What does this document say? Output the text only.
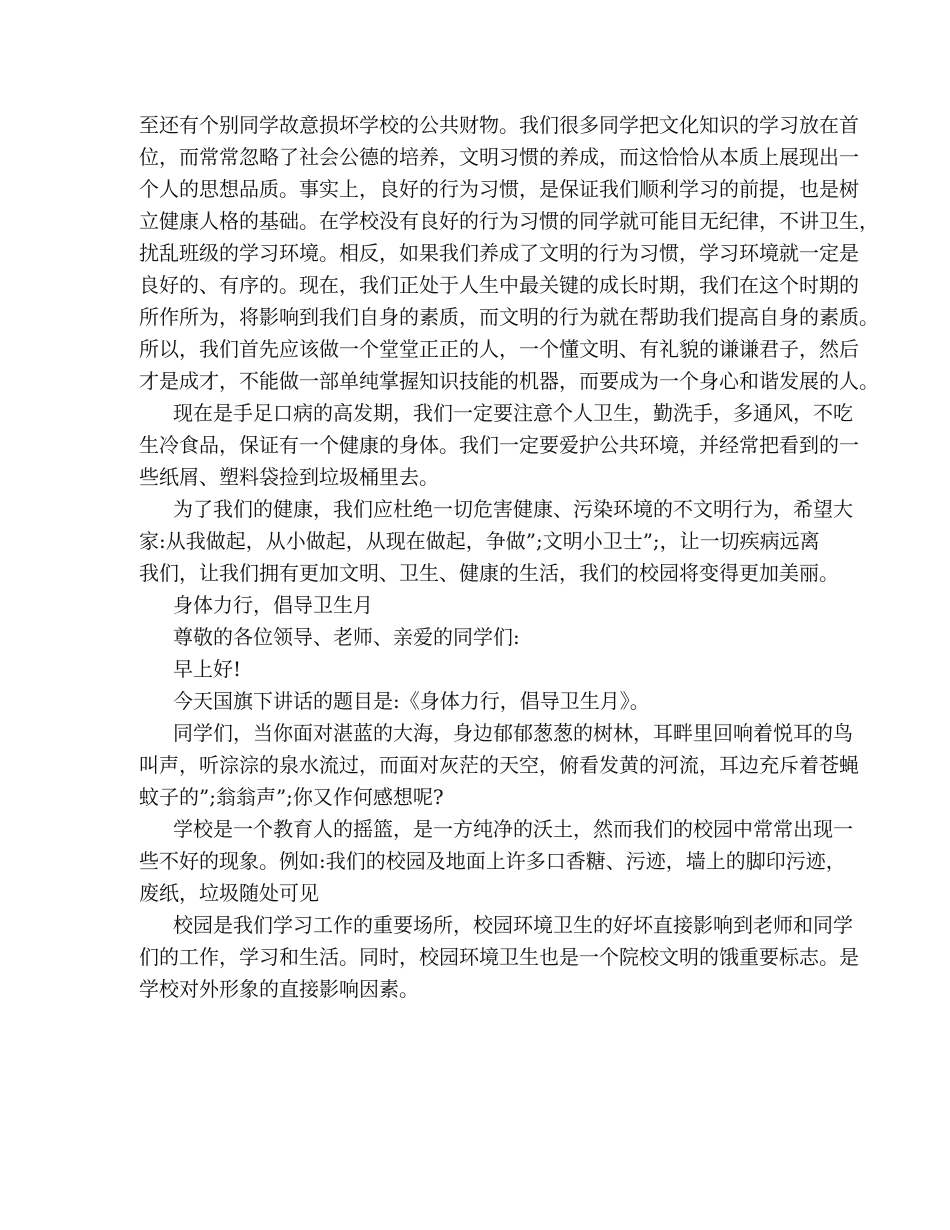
至还有个别同学故意损坏学校的公共财物。我们很多同学把文化知识的学习放在首
位，而常常忽略了社会公德的培养，文明习惯的养成，而这恰恰从本质上展现出一
个人的思想品质。事实上，良好的行为习惯，是保证我们顺利学习的前提，也是树
立健康人格的基础。在学校没有良好的行为习惯的同学就可能目无纪律，不讲卫生，
扰乱班级的学习环境。相反，如果我们养成了文明的行为习惯，学习环境就一定是
良好的、有序的。现在，我们正处于人生中最关键的成长时期，我们在这个时期的
所作所为，将影响到我们自身的素质，而文明的行为就在帮助我们提高自身的素质。
所以，我们首先应该做一个堂堂正正的人，一个懂文明、有礼貌的谦谦君子，然后
才是成才，不能做一部单纯掌握知识技能的机器，而要成为一个身心和谐发展的人。
现在是手足口病的高发期，我们一定要注意个人卫生，勤洗手，多通风，不吃
生冷食品，保证有一个健康的身体。我们一定要爱护公共环境，并经常把看到的一
些纸屑、塑料袋捡到垃圾桶里去。
为了我们的健康，我们应杜绝一切危害健康、污染环境的不文明行为，希望大
家:从我做起，从小做起，从现在做起，争做”;文明小卫士”;，让一切疾病远离
我们，让我们拥有更加文明、卫生、健康的生活，我们的校园将变得更加美丽。
身体力行，倡导卫生月
尊敬的各位领导、老师、亲爱的同学们:
早上好!
今天国旗下讲话的题目是:《身体力行，倡导卫生月》。
同学们，当你面对湛蓝的大海，身边郁郁葱葱的树林，耳畔里回响着悦耳的鸟
叫声，听淙淙的泉水流过，而面对灰茫的天空，俯看发黄的河流，耳边充斥着苍蝇
蚊子的”;翁翁声”;你又作何感想呢?
学校是一个教育人的摇篮，是一方纯净的沃土，然而我们的校园中常常出现一
些不好的现象。例如:我们的校园及地面上许多口香糖、污迹，墙上的脚印污迹，
废纸，垃圾随处可见
校园是我们学习工作的重要场所，校园环境卫生的好坏直接影响到老师和同学
们的工作，学习和生活。同时，校园环境卫生也是一个院校文明的饿重要标志。是
学校对外形象的直接影响因素。
